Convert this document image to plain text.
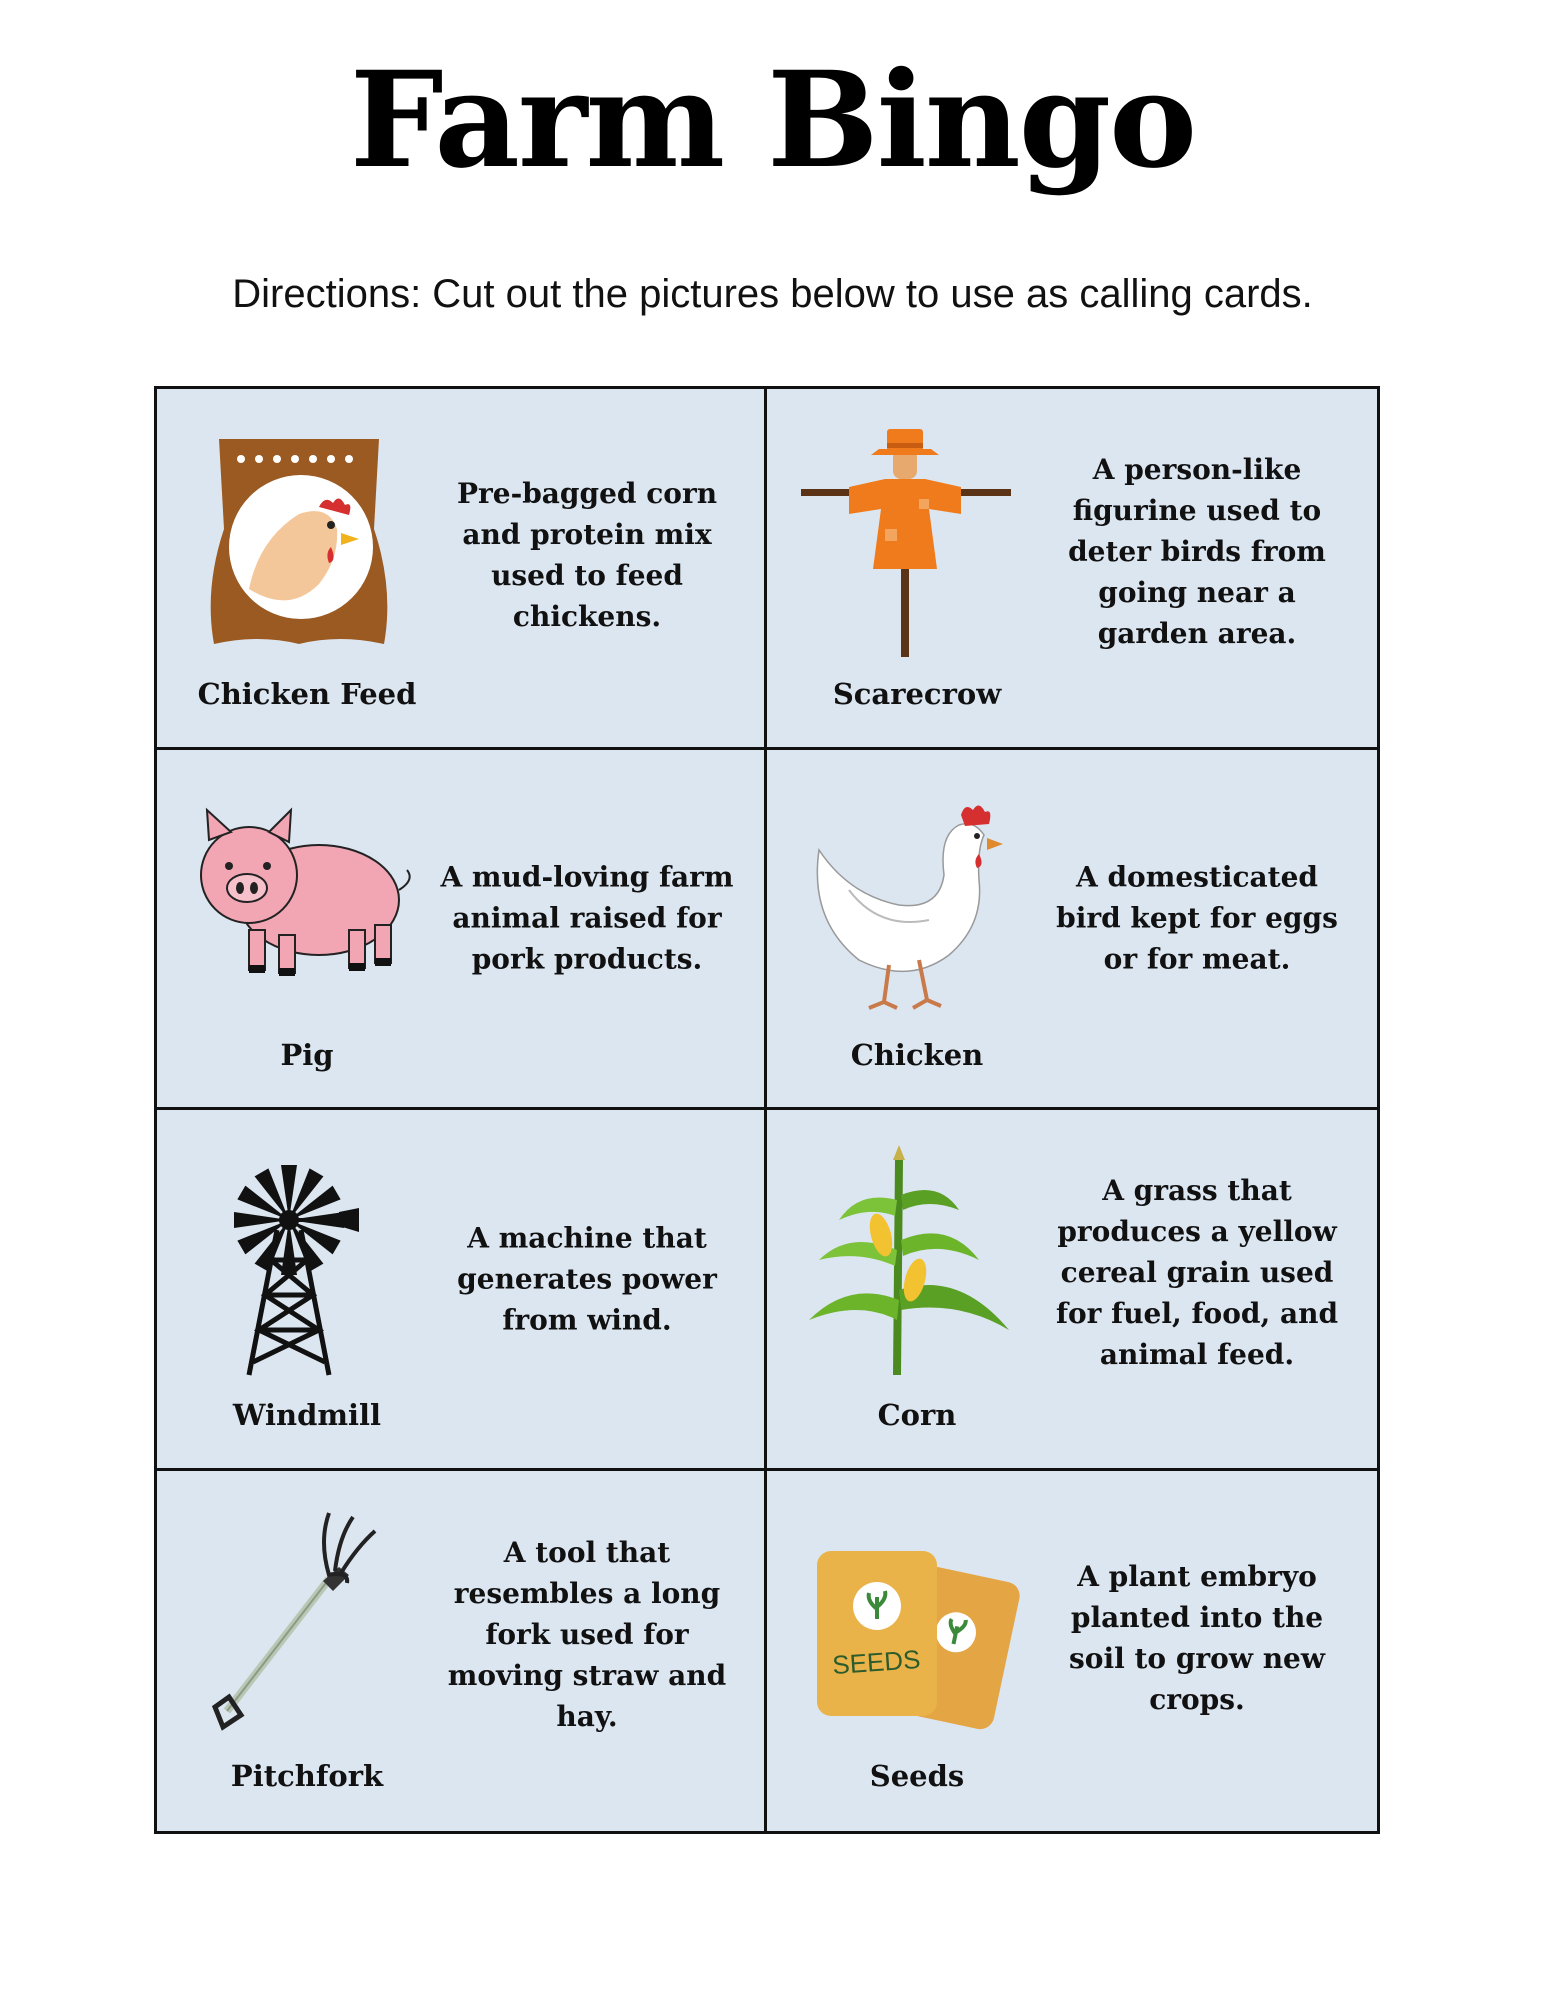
Farm Bingo
Directions: Cut out the pictures below to use as calling cards.
Chicken Feed
Pre-bagged corn and protein mix used to feed chickens.
Scarecrow
A person-like figurine used to deter birds from going near a garden area.
Pig
A mud-loving farm animal raised for pork products.
Chicken
A domesticated bird kept for eggs or for meat.
Windmill
A machine that generates power from wind.
Corn
A grass that produces a yellow cereal grain used for fuel, food, and animal feed.
Pitchfork
A tool that resembles a long fork used for moving straw and hay.
SEEDS
Seeds
A plant embryo planted into the soil to grow new crops.
